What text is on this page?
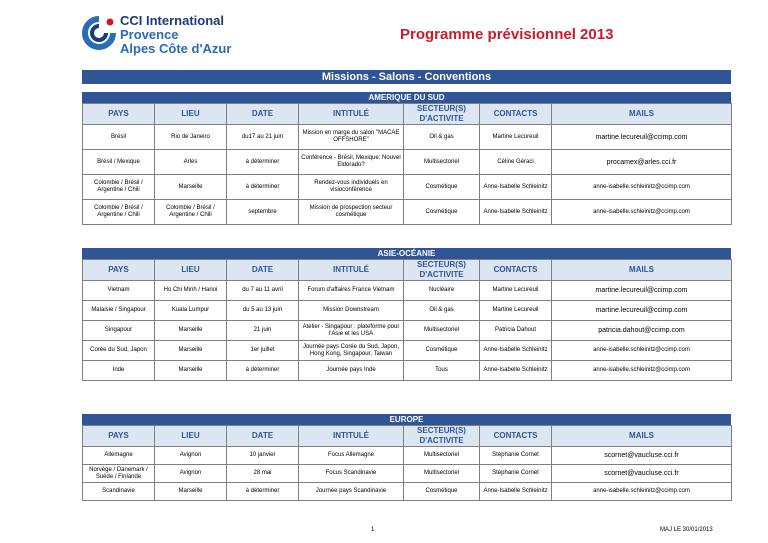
CCI International
Provence
Alpes Côte d'Azur
Programme prévisionnel 2013
Missions - Salons - Conventions
AMERIQUE DU SUD
PAYS	LIEU	DATE	INTITULÉ	SECTEUR(S) D'ACTIVITE	CONTACTS	MAILS
Brésil	Rio de Janeiro	du17 au 21 juin	Mission en marge du salon "MACAE OFFSHORE"	Oil & gas	Martine Lecureuil	martine.lecureuil@ccimp.com
Brésil / Mexique	Arles	à déterminer	Conférence - Brésil, Mexique: Nouvel Eldorado?	Multisectoriel	Céline Géraci	procamex@arles.cci.fr
Colombie / Brésil / Argentine / Chili	Marseille	à déterminer	Rendez-vous individuels en visioconférence	Cosmétique	Anne-Isabelle Schleinitz	anne-isabelle.schleinitz@ccimp.com
Colombie / Brésil / Argentine / Chili	Colombie / Brésil / Argentine / Chili	septembre	Mission de prospection secteur cosmétique	Cosmétique	Anne-Isabelle Schleinitz	anne-isabelle.schleinitz@ccimp.com
ASIE-OCÉANIE
PAYS	LIEU	DATE	INTITULÉ	SECTEUR(S) D'ACTIVITE	CONTACTS	MAILS
Vietnam	Ho Chi Minh / Hanoi	du 7 au 11 avril	Forum d'affaires France Vietnam	Nucléaire	Martine Lecureuil	martine.lecureuil@ccimp.com
Malaisie / Singapour	Kuala Lumpur	du 5 au 13 juin	Mission Downstream	Oil & gas	Martine Lecureuil	martine.lecureuil@ccimp.com
Singapour	Marseille	21 juin	Atelier - Singapour : plateforme pour l'Asie et les USA	Multisectoriel	Patricia Dahout	patricia.dahout@ccimp.com
Corée du Sud, Japon	Marseille	1er juillet	Journée pays Corée du Sud, Japon, Hong Kong, Singapour, Taiwan	Cosmétique	Anne-Isabelle Schleinitz	anne-isabelle.schleinitz@ccimp.com
Inde	Marseille	à déterminer	Journée pays Inde	Tous	Anne-Isabelle Schleinitz	anne-isabelle.schleinitz@ccimp.com
EUROPE
PAYS	LIEU	DATE	INTITULÉ	SECTEUR(S) D'ACTIVITE	CONTACTS	MAILS
Allemagne	Avignon	10 janvier	Focus Allemagne	Multisectoriel	Stéphanie Cornet	scornet@vaucluse.cci.fr
Norvège / Danemark / Suède / Finlande	Avignon	28 mai	Focus Scandinavie	Multisectoriel	Stéphanie Cornet	scornet@vaucluse.cci.fr
Scandinavie	Marseille	à déterminer	Journée pays Scandinavie	Cosmétique	Anne-Isabelle Schleinitz	anne-isabelle.schleinitz@ccimp.com
1	MAJ LE 30/01/2013
